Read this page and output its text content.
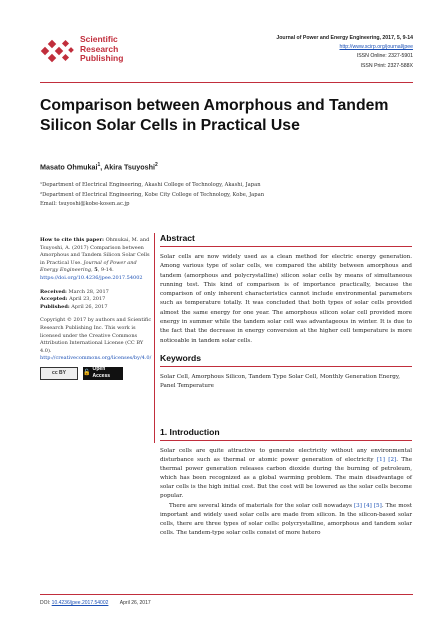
Scientific
Research
Publishing
Journal of Power and Energy Engineering, 2017, 5, 9-14
http://www.scirp.org/journal/jpee
ISSN Online: 2327-5901
ISSN Print: 2327-588X
Comparison between Amorphous and Tandem Silicon Solar Cells in Practical Use
Masato Ohmukai$^1$, Akira Tsuyoshi$^2$
¹Department of Electrical Engineering, Akashi College of Technology, Akashi, Japan
²Department of Electrical Engineering, Kobe City College of Technology, Kobe, Japan
Email: tsuyoshi@kobe-kosen.ac.jp
How to cite this paper: Ohmukai, M. and Tsuyoshi, A. (2017) Comparison between Amorphous and Tandem Silicon Solar Cells in Practical Use. Journal of Power and Energy Engineering, 5, 9-14.
https://doi.org/10.4236/jpee.2017.54002
Received: March 28, 2017
Accepted: April 23, 2017
Published: April 26, 2017
Copyright © 2017 by authors and Scientific Research Publishing Inc. This work is licensed under the Creative Commons Attribution International License (CC BY 4.0).
http://creativecommons.org/licenses/by/4.0/
cc BY	🔓
Open Access
Abstract

Solar cells are now widely used as a clean method for electric energy generation. Among various type of solar cells, we compared the ability between amorphous and tandem (amorphous and polycrystalline) silicon solar cells by means of simultaneous running test. This kind of comparison is of importance practically, because the comparison of only inherent characteristics cannot include environmental parameters such as temperature totally. It was concluded that both types of solar cells provided almost the same energy for one year. The amorphous silicon solar cell provided more energy in summer while the tandem solar cell was advantageous in winter. It is due to the fact that the decrease in energy conversion at the higher cell temperature is more noticeable in tandem solar cells.

Keywords

Solar Cell, Amorphous Silicon, Tandem Type Solar Cell, Monthly Generation Energy, Panel Temperature

1. Introduction

Solar cells are quite attractive to generate electricity without any environmental disturbance such as thermal or atomic power generation of electricity [1] [2]. The thermal power generation releases carbon dioxide during the burning of petroleum, which has been recognized as a global warming problem. The main disadvantage of solar cells is the high initial cost. But the cost will be lowered as the solar cells become popular.

There are several kinds of materials for the solar cell nowadays [3] [4] [5]. The most important and widely used solar cells are made from silicon. In the silicon-based solar cells, there are three types of solar cells: polycrystalline, amorphous and tandem solar cells. The tandem-type solar cells consist of more hetero

DOI: 10.4236/jpee.2017.54002 April 26, 2017
